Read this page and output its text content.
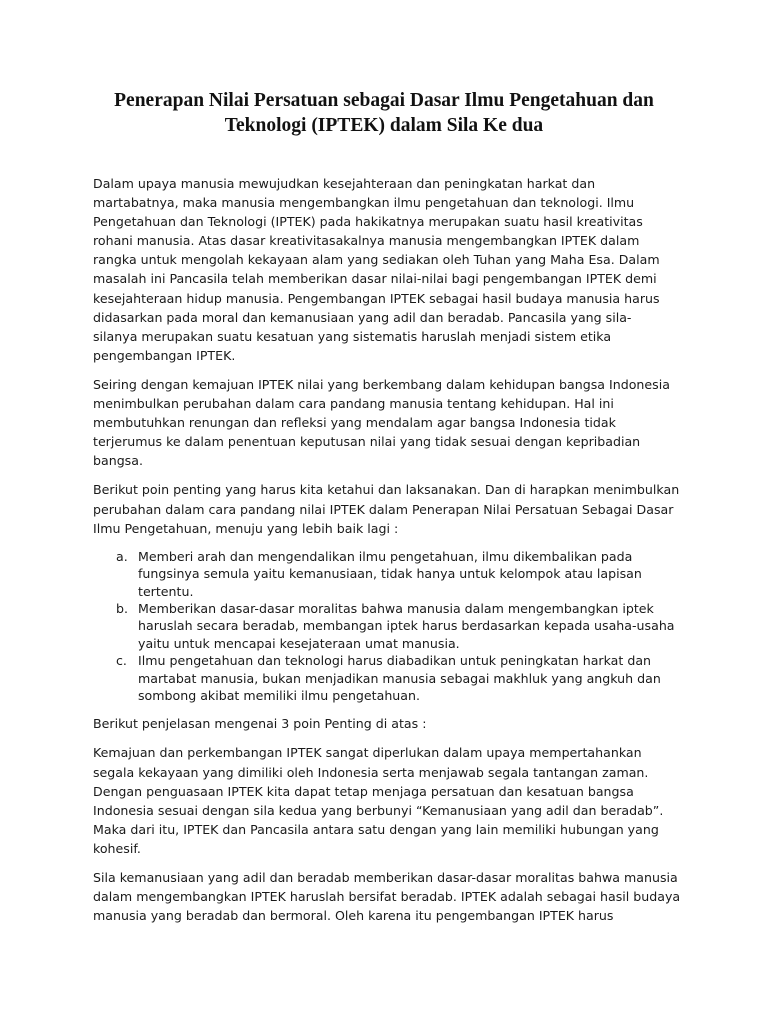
Penerapan Nilai Persatuan sebagai Dasar Ilmu Pengetahuan dan
Teknologi (IPTEK) dalam Sila Ke dua

Dalam upaya manusia mewujudkan kesejahteraan dan peningkatan harkat dan
martabatnya, maka manusia mengembangkan ilmu pengetahuan dan teknologi. Ilmu
Pengetahuan dan Teknologi (IPTEK) pada hakikatnya merupakan suatu hasil kreativitas
rohani manusia. Atas dasar kreativitasakalnya manusia mengembangkan IPTEK dalam
rangka untuk mengolah kekayaan alam yang sediakan oleh Tuhan yang Maha Esa. Dalam
masalah ini Pancasila telah memberikan dasar nilai-nilai bagi pengembangan IPTEK demi
kesejahteraan hidup manusia. Pengembangan IPTEK sebagai hasil budaya manusia harus
didasarkan pada moral dan kemanusiaan yang adil dan beradab. Pancasila yang sila-
silanya merupakan suatu kesatuan yang sistematis haruslah menjadi sistem etika
pengembangan IPTEK.

Seiring dengan kemajuan IPTEK nilai yang berkembang dalam kehidupan bangsa Indonesia
menimbulkan perubahan dalam cara pandang manusia tentang kehidupan. Hal ini
membutuhkan renungan dan refleksi yang mendalam agar bangsa Indonesia tidak
terjerumus ke dalam penentuan keputusan nilai yang tidak sesuai dengan kepribadian
bangsa.

Berikut poin penting yang harus kita ketahui dan laksanakan. Dan di harapkan menimbulkan
perubahan dalam cara pandang nilai IPTEK dalam Penerapan Nilai Persatuan Sebagai Dasar
Ilmu Pengetahuan, menuju yang lebih baik lagi :

a. Memberi arah dan mengendalikan ilmu pengetahuan, ilmu dikembalikan pada
fungsinya semula yaitu kemanusiaan, tidak hanya untuk kelompok atau lapisan
tertentu.
b. Memberikan dasar-dasar moralitas bahwa manusia dalam mengembangkan iptek
haruslah secara beradab, membangan iptek harus berdasarkan kepada usaha-usaha
yaitu untuk mencapai kesejateraan umat manusia.
c. Ilmu pengetahuan dan teknologi harus diabadikan untuk peningkatan harkat dan
martabat manusia, bukan menjadikan manusia sebagai makhluk yang angkuh dan
sombong akibat memiliki ilmu pengetahuan.

Berikut penjelasan mengenai 3 poin Penting di atas :

Kemajuan dan perkembangan IPTEK sangat diperlukan dalam upaya mempertahankan
segala kekayaan yang dimiliki oleh Indonesia serta menjawab segala tantangan zaman.
Dengan penguasaan IPTEK kita dapat tetap menjaga persatuan dan kesatuan bangsa
Indonesia sesuai dengan sila kedua yang berbunyi “Kemanusiaan yang adil dan beradab”.
Maka dari itu, IPTEK dan Pancasila antara satu dengan yang lain memiliki hubungan yang
kohesif.

Sila kemanusiaan yang adil dan beradab memberikan dasar-dasar moralitas bahwa manusia
dalam mengembangkan IPTEK haruslah bersifat beradab. IPTEK adalah sebagai hasil budaya
manusia yang beradab dan bermoral. Oleh karena itu pengembangan IPTEK harus
